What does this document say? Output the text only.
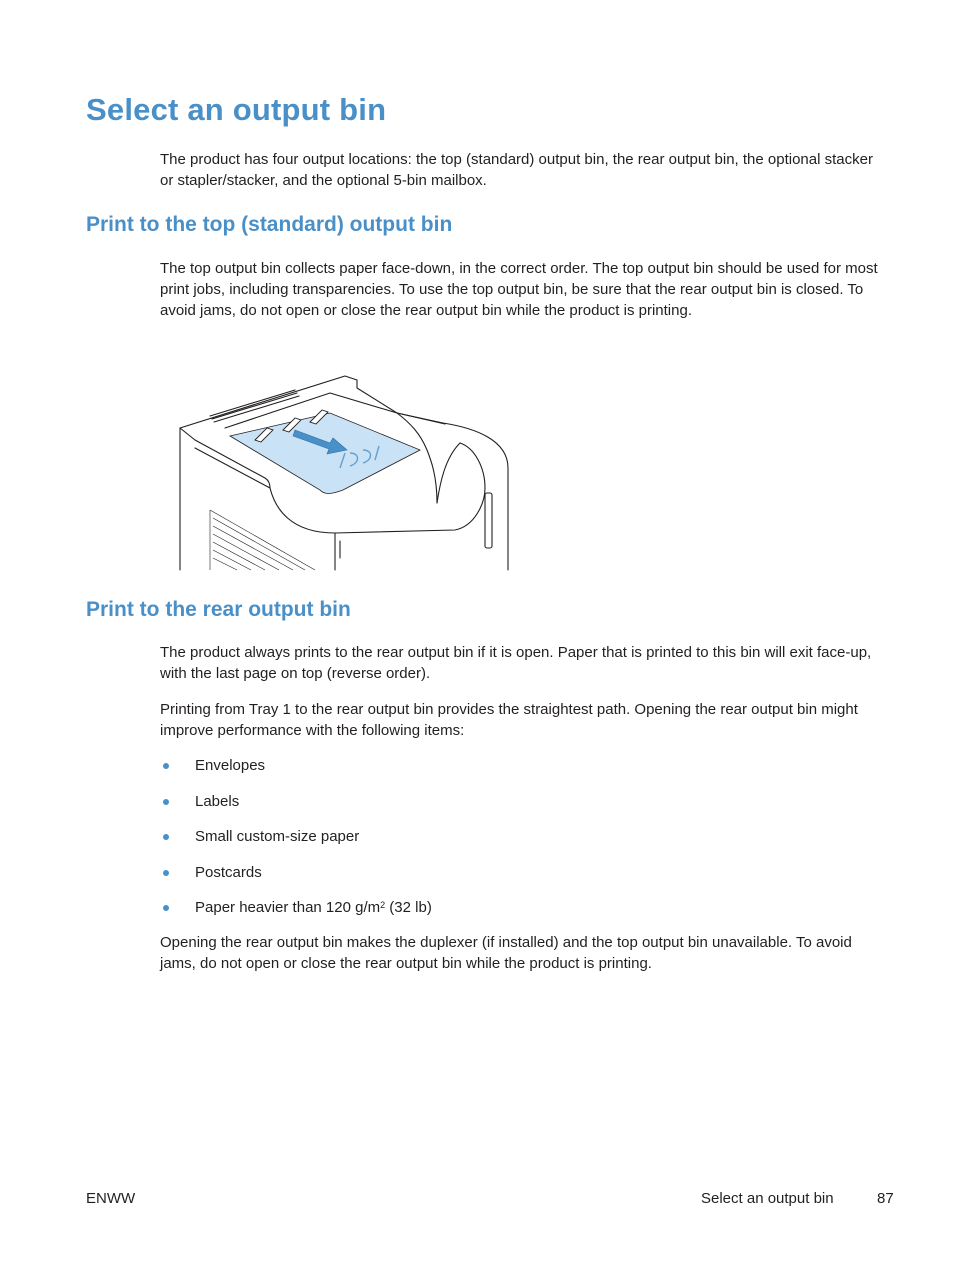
Select an output bin

The product has four output locations: the top (standard) output bin, the rear output bin, the optional stacker or stapler/stacker, and the optional 5-bin mailbox.

Print to the top (standard) output bin

The top output bin collects paper face-down, in the correct order. The top output bin should be used for most print jobs, including transparencies. To use the top output bin, be sure that the rear output bin is closed. To avoid jams, do not open or close the rear output bin while the product is printing.

Print to the rear output bin

The product always prints to the rear output bin if it is open. Paper that is printed to this bin will exit face-up, with the last page on top (reverse order).

Printing from Tray 1 to the rear output bin provides the straightest path. Opening the rear output bin might improve performance with the following items:

Envelopes
Labels
Small custom-size paper
Postcards
Paper heavier than 120 $g/m^2$ (32 lb)

Opening the rear output bin makes the duplexer (if installed) and the top output bin unavailable. To avoid jams, do not open or close the rear output bin while the product is printing.

ENWW	Select an output bin	87
